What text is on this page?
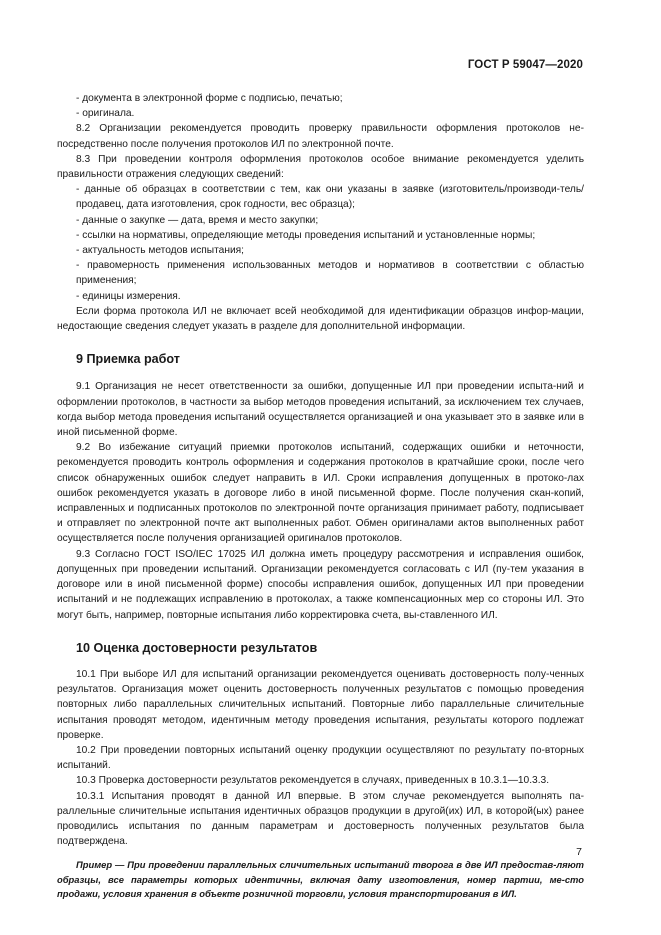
ГОСТ Р 59047—2020

- документа в электронной форме с подписью, печатью;

- оригинала.

8.2 Организации рекомендуется проводить проверку правильности оформления протоколов не-посредственно после получения протоколов ИЛ по электронной почте.

8.3 При проведении контроля оформления протоколов особое внимание рекомендуется уделить правильности отражения следующих сведений:

- данные об образцах в соответствии с тем, как они указаны в заявке (изготовитель/производи-тель/продавец, дата изготовления, срок годности, вес образца);

- данные о закупке — дата, время и место закупки;

- ссылки на нормативы, определяющие методы проведения испытаний и установленные нормы;

- актуальность методов испытания;

- правомерность применения использованных методов и нормативов в соответствии с областью применения;

- единицы измерения.

Если форма протокола ИЛ не включает всей необходимой для идентификации образцов инфор-мации, недостающие сведения следует указать в разделе для дополнительной информации.

9 Приемка работ

9.1 Организация не несет ответственности за ошибки, допущенные ИЛ при проведении испыта-ний и оформлении протоколов, в частности за выбор методов проведения испытаний, за исключением тех случаев, когда выбор метода проведения испытаний осуществляется организацией и она указывает это в заявке или в иной письменной форме.

9.2 Во избежание ситуаций приемки протоколов испытаний, содержащих ошибки и неточности, рекомендуется проводить контроль оформления и содержания протоколов в кратчайшие сроки, после чего список обнаруженных ошибок следует направить в ИЛ. Сроки исправления допущенных в протоко-лах ошибок рекомендуется указать в договоре либо в иной письменной форме. После получения скан-копий, исправленных и подписанных протоколов по электронной почте организация принимает работу, подписывает и отправляет по электронной почте акт выполненных работ. Обмен оригиналами актов выполненных работ осуществляется после получения организацией оригиналов протоколов.

9.3 Согласно ГОСТ ISO/IEC 17025 ИЛ должна иметь процедуру рассмотрения и исправления ошибок, допущенных при проведении испытаний. Организации рекомендуется согласовать с ИЛ (пу-тем указания в договоре или в иной письменной форме) способы исправления ошибок, допущенных ИЛ при проведении испытаний и не подлежащих исправлению в протоколах, а также компенсационных мер со стороны ИЛ. Это могут быть, например, повторные испытания либо корректировка счета, вы-ставленного ИЛ.

10 Оценка достоверности результатов

10.1 При выборе ИЛ для испытаний организации рекомендуется оценивать достоверность полу-ченных результатов. Организация может оценить достоверность полученных результатов с помощью проведения повторных либо параллельных сличительных испытаний. Повторные либо параллельные сличительные испытания проводят методом, идентичным методу проведения испытания, результаты которого подлежат проверке.

10.2 При проведении повторных испытаний оценку продукции осуществляют по результату по-вторных испытаний.

10.3 Проверка достоверности результатов рекомендуется в случаях, приведенных в 10.3.1—10.3.3.

10.3.1 Испытания проводят в данной ИЛ впервые. В этом случае рекомендуется выполнять па-раллельные сличительные испытания идентичных образцов продукции в другой(их) ИЛ, в которой(ых) ранее проводились испытания по данным параметрам и достоверность полученных результатов была подтверждена.

Пример — При проведении параллельных сличительных испытаний творога в две ИЛ предостав-ляют образцы, все параметры которых идентичны, включая дату изготовления, номер партии, ме-сто продажи, условия хранения в объекте розничной торговли, условия транспортирования в ИЛ.

7
